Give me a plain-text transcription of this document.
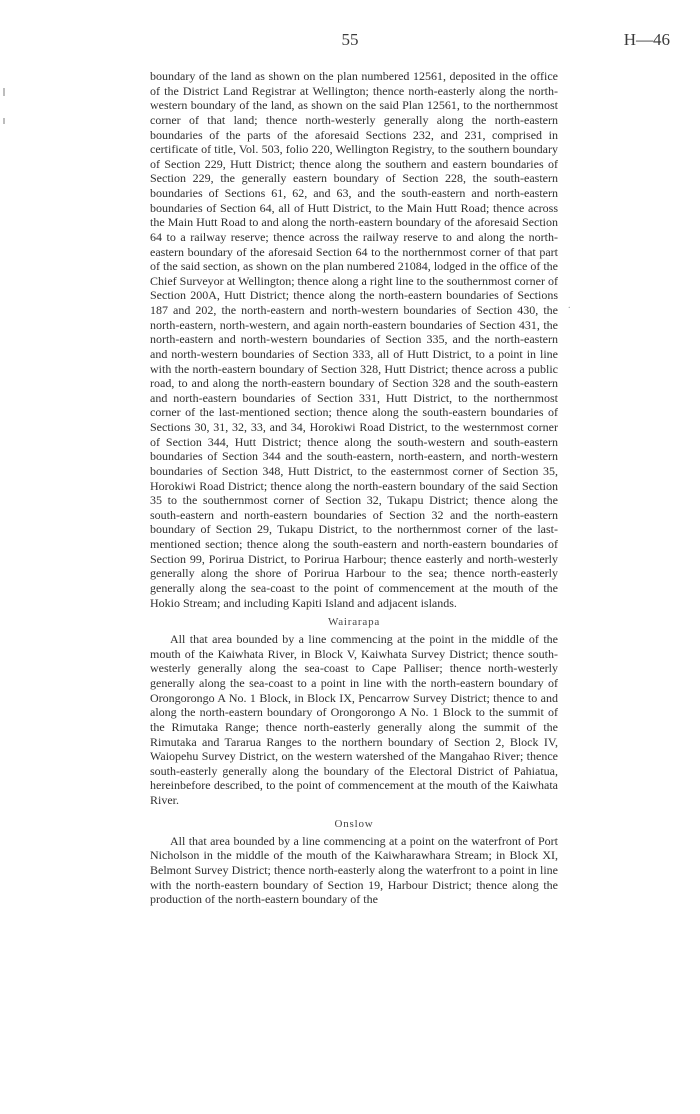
55	H—46
.

boundary of the land as shown on the plan numbered 12561, deposited in the office of the District Land Registrar at Wellington; thence north-easterly along the north-western boundary of the land, as shown on the said Plan 12561, to the northernmost corner of that land; thence north-westerly generally along the north-eastern boundaries of the parts of the aforesaid Sections 232, and 231, comprised in certificate of title, Vol. 503, folio 220, Wellington Registry, to the southern boundary of Section 229, Hutt District; thence along the southern and eastern boundaries of Section 229, the generally eastern boundary of Section 228, the south-eastern boundaries of Sections 61, 62, and 63, and the south-eastern and north-eastern boundaries of Section 64, all of Hutt District, to the Main Hutt Road; thence across the Main Hutt Road to and along the north-eastern boundary of the aforesaid Section 64 to a railway reserve; thence across the railway reserve to and along the north-eastern boundary of the aforesaid Section 64 to the northernmost corner of that part of the said section, as shown on the plan numbered 21084, lodged in the office of the Chief Surveyor at Wellington; thence along a right line to the southernmost corner of Section 200A, Hutt District; thence along the north-eastern boundaries of Sections 187 and 202, the north-eastern and north-western boundaries of Section 430, the north-eastern, north-western, and again north-eastern boundaries of Section 431, the north-eastern and north-western boundaries of Section 335, and the north-eastern and north-western boundaries of Section 333, all of Hutt District, to a point in line with the north-eastern boundary of Section 328, Hutt District; thence across a public road, to and along the north-eastern boundary of Section 328 and the south-eastern and north-eastern boundaries of Section 331, Hutt District, to the northernmost corner of the last-mentioned section; thence along the south-eastern boundaries of Sections 30, 31, 32, 33, and 34, Horokiwi Road District, to the westernmost corner of Section 344, Hutt District; thence along the south-western and south-eastern boundaries of Section 344 and the south-eastern, north-eastern, and north-western boundaries of Section 348, Hutt District, to the easternmost corner of Section 35, Horokiwi Road District; thence along the north-eastern boundary of the said Section 35 to the southernmost corner of Section 32, Tukapu District; thence along the south-eastern and north-eastern boundaries of Section 32 and the north-eastern boundary of Section 29, Tukapu District, to the northernmost corner of the last-mentioned section; thence along the south-eastern and north-eastern boundaries of Section 99, Porirua District, to Porirua Harbour; thence easterly and north-westerly generally along the shore of Porirua Harbour to the sea; thence north-easterly generally along the sea-coast to the point of commencement at the mouth of the Hokio Stream; and including Kapiti Island and adjacent islands.

Wairarapa

All that area bounded by a line commencing at the point in the middle of the mouth of the Kaiwhata River, in Block V, Kaiwhata Survey District; thence south-westerly generally along the sea-coast to Cape Palliser; thence north-westerly generally along the sea-coast to a point in line with the north-eastern boundary of Orongorongo A No. 1 Block, in Block IX, Pencarrow Survey District; thence to and along the north-eastern boundary of Orongorongo A No. 1 Block to the summit of the Rimutaka Range; thence north-easterly generally along the summit of the Rimutaka and Tararua Ranges to the northern boundary of Section 2, Block IV, Waiopehu Survey District, on the western watershed of the Mangahao River; thence south-easterly generally along the boundary of the Electoral District of Pahiatua, hereinbefore described, to the point of commencement at the mouth of the Kaiwhata River.

Onslow

All that area bounded by a line commencing at a point on the waterfront of Port Nicholson in the middle of the mouth of the Kaiwharawhara Stream; in Block XI, Belmont Survey District; thence north-easterly along the waterfront to a point in line with the north-eastern boundary of Section 19, Harbour District; thence along the production of the north-eastern boundary of the
